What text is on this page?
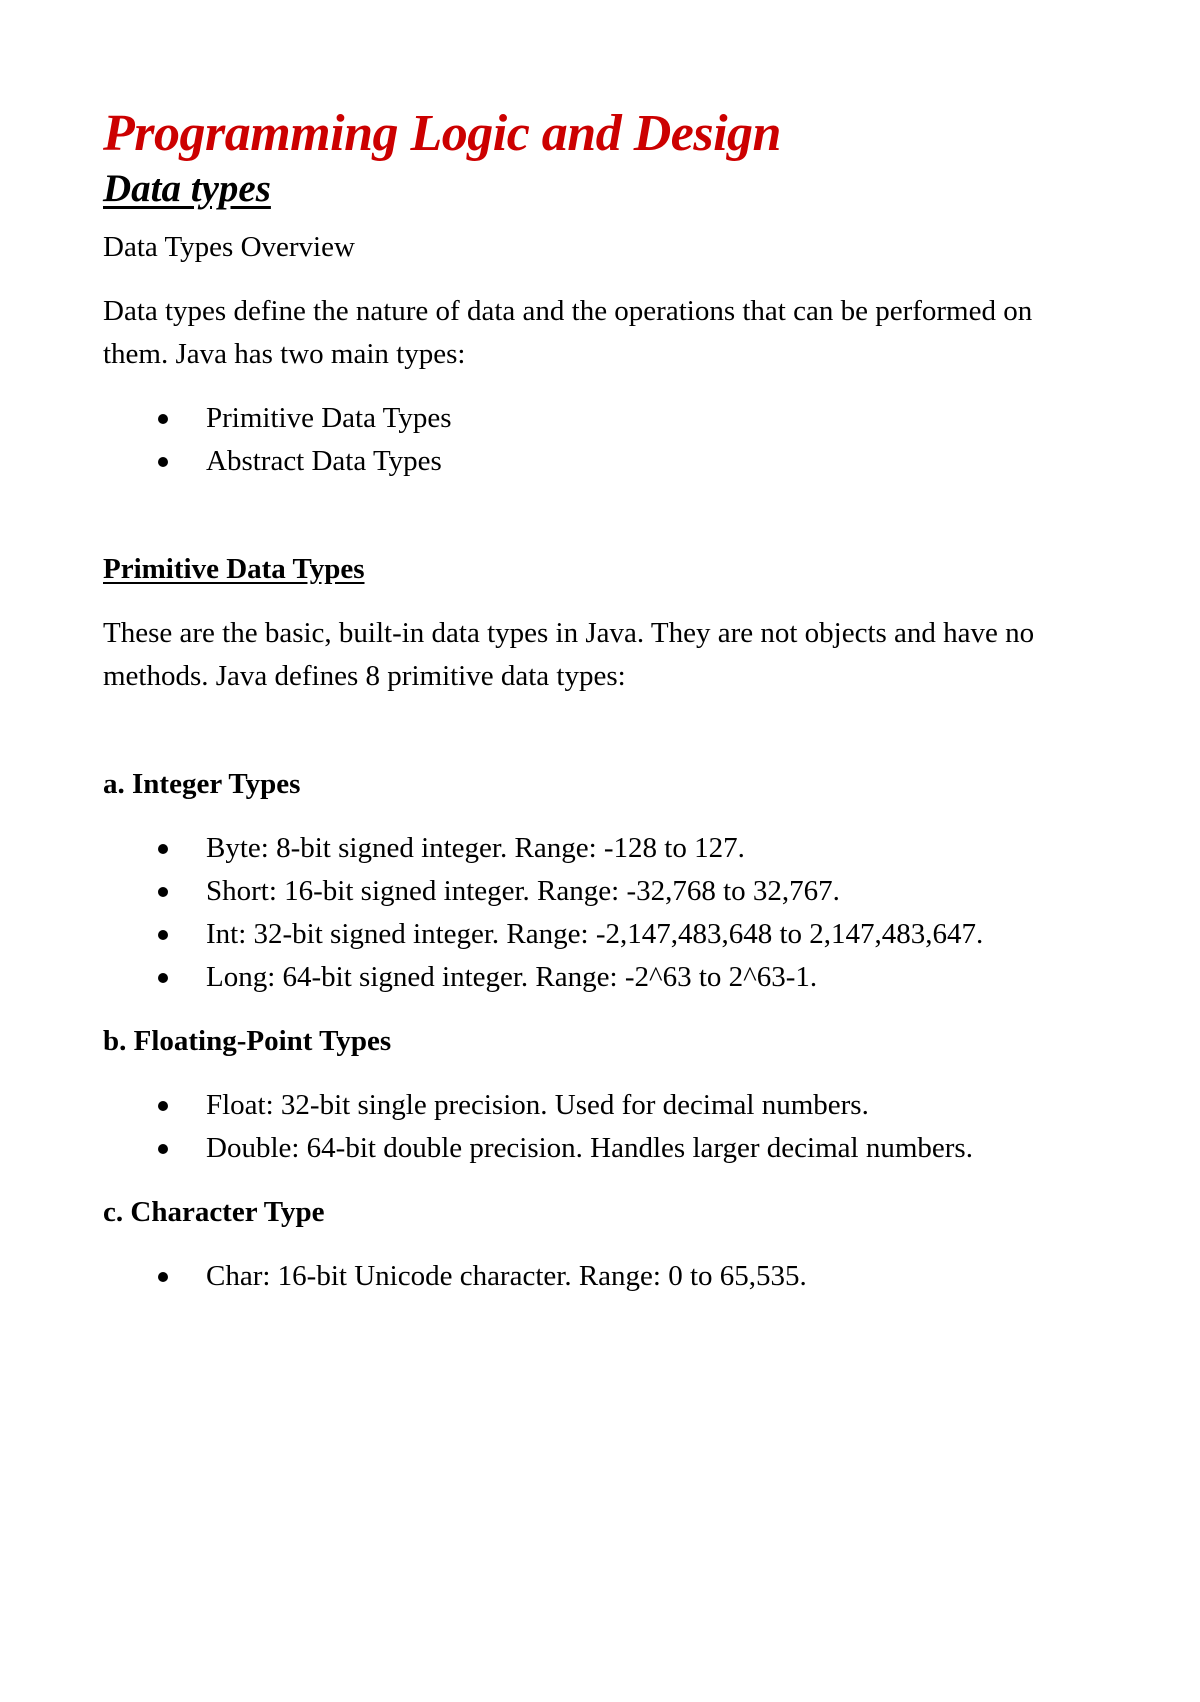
Programming Logic and Design
Data types

Data Types Overview

Data types define the nature of data and the operations that can be performed on them. Java has two main types:

Primitive Data Types
Abstract Data Types
Primitive Data Types

These are the basic, built-in data types in Java. They are not objects and have no methods. Java defines 8 primitive data types:

a. Integer Types
Byte: 8-bit signed integer. Range: -128 to 127.
Short: 16-bit signed integer. Range: -32,768 to 32,767.
Int: 32-bit signed integer. Range: -2,147,483,648 to 2,147,483,647.
Long: 64-bit signed integer. Range: -2^63 to 2^63-1.
b. Floating-Point Types
Float: 32-bit single precision. Used for decimal numbers.
Double: 64-bit double precision. Handles larger decimal numbers.
c. Character Type
Char: 16-bit Unicode character. Range: 0 to 65,535.
